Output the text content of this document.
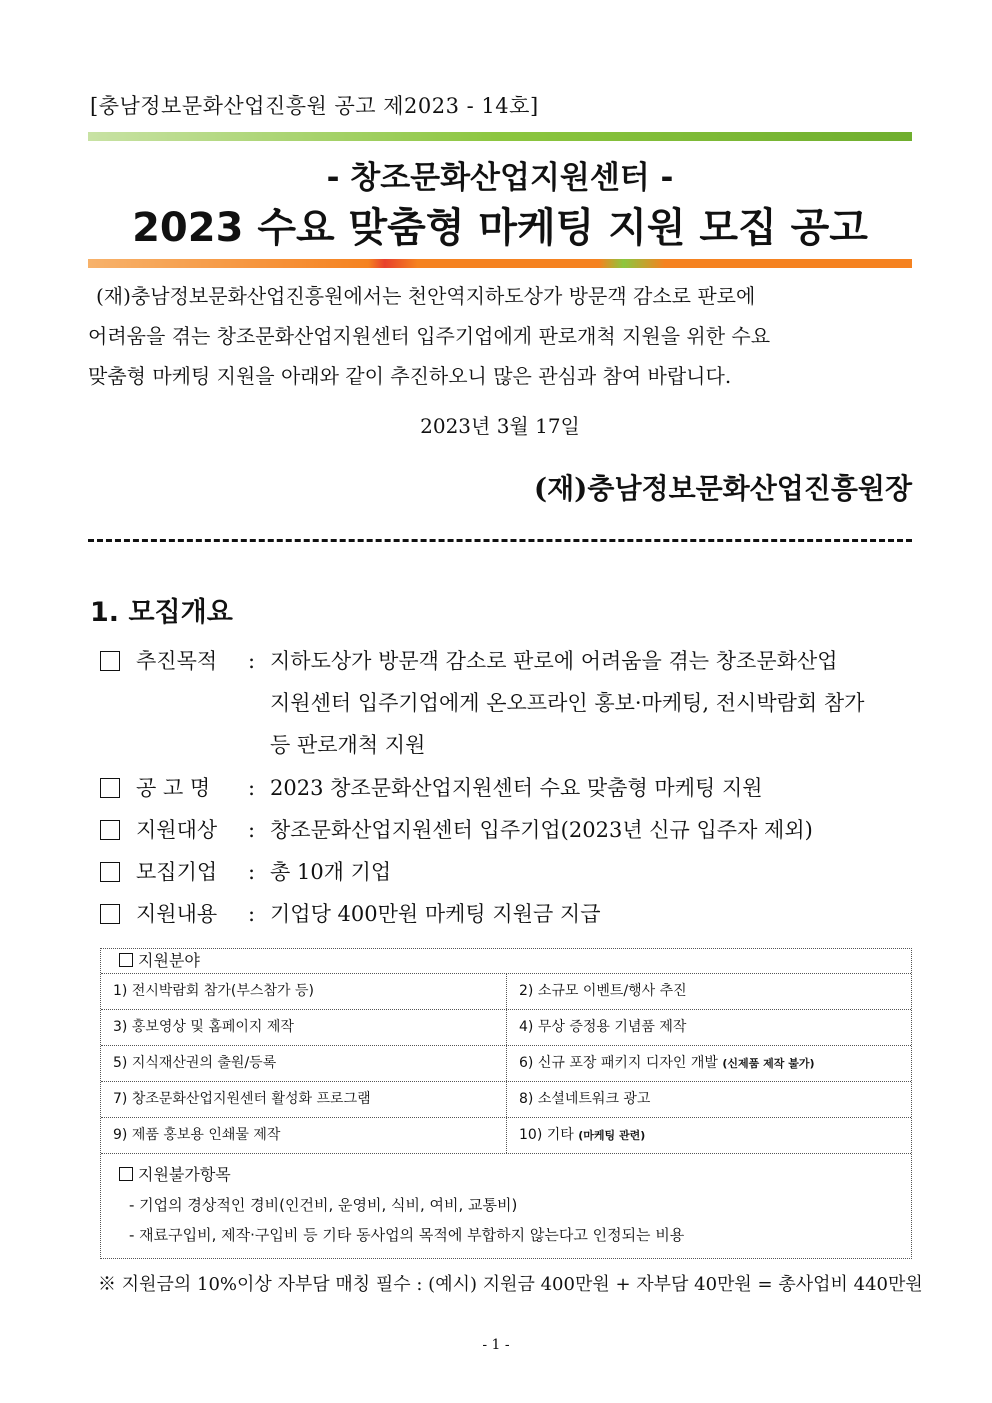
[충남정보문화산업진흥원 공고 제2023 - 14호]
- 창조문화산업지원센터 -
2023 수요 맞춤형 마케팅 지원 모집 공고

(재)충남정보문화산업진흥원에서는 천안역지하도상가 방문객 감소로 판로에

어려움을 겪는 창조문화산업지원센터 입주기업에게 판로개척 지원을 위한 수요

맞춤형 마케팅 지원을 아래와 같이 추진하오니 많은 관심과 참여 바랍니다.

2023년 3월 17일
(재)충남정보문화산업진흥원장
1. 모집개요
추진목적	: 지하도상가 방문객 감소로 판로에 어려움을 겪는 창조문화산업
지원센터 입주기업에게 온오프라인 홍보·마케팅, 전시박람회 참가
등 판로개척 지원
공 고 명	: 2023 창조문화산업지원센터 수요 맞춤형 마케팅 지원
지원대상	: 창조문화산업지원센터 입주기업(2023년 신규 입주자 제외)
모집기업	: 총 10개 기업
지원내용	: 기업당 400만원 마케팅 지원금 지급
지원분야
1) 전시박람회 참가(부스참가 등)	2) 소규모 이벤트/행사 추진
3) 홍보영상 및 홈페이지 제작	4) 무상 증정용 기념품 제작
5) 지식재산권의 출원/등록	6) 신규 포장 패키지 디자인 개발 (신제품 제작 불가)
7) 창조문화산업지원센터 활성화 프로그램	8) 소셜네트워크 광고
9) 제품 홍보용 인쇄물 제작	10) 기타 (마케팅 관련)
지원불가항목
- 기업의 경상적인 경비(인건비, 운영비, 식비, 여비, 교통비)
- 재료구입비, 제작·구입비 등 기타 동사업의 목적에 부합하지 않는다고 인정되는 비용
※ 지원금의 10%이상 자부담 매칭 필수 : (예시) 지원금 400만원 + 자부담 40만원 = 총사업비 440만원
- 1 -
